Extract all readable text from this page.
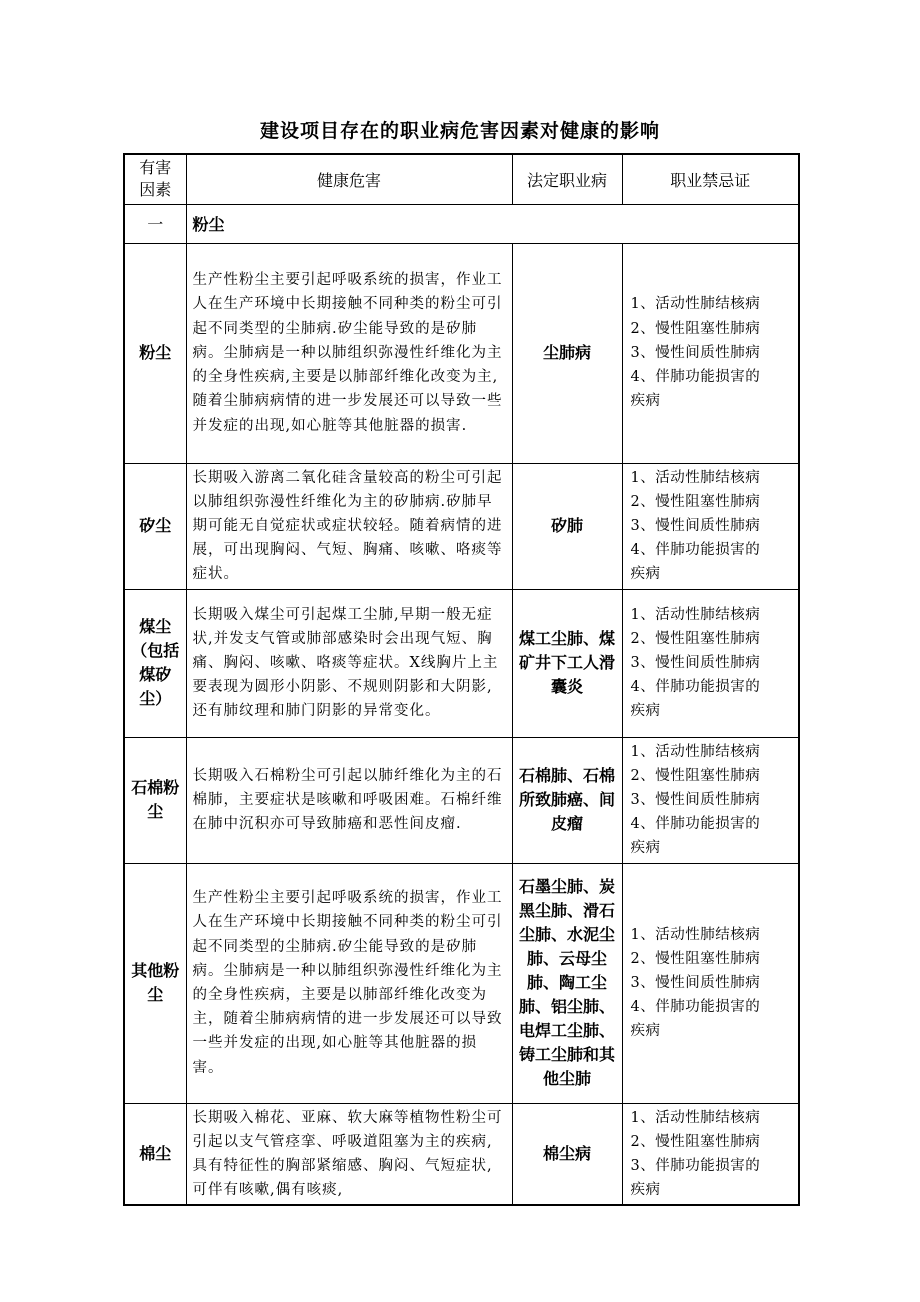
建设项目存在的职业病危害因素对健康的影响
有害因素	健康危害	法定职业病	职业禁忌证
一	粉尘		
粉尘	生产性粉尘主要引起呼吸系统的损害，作业工人在生产环境中长期接触不同种类的粉尘可引起不同类型的尘肺病.矽尘能导致的是矽肺病。尘肺病是一种以肺组织弥漫性纤维化为主的全身性疾病,主要是以肺部纤维化改变为主,随着尘肺病病情的进一步发展还可以导致一些并发症的出现,如心脏等其他脏器的损害.	尘肺病	1、活动性肺结核病
2、慢性阻塞性肺病
3、慢性间质性肺病
4、伴肺功能损害的
疾病

矽尘	长期吸入游离二氧化硅含量较高的粉尘可引起以肺组织弥漫性纤维化为主的矽肺病.矽肺早期可能无自觉症状或症状较轻。随着病情的进展，可出现胸闷、气短、胸痛、咳嗽、咯痰等症状。	矽肺	1、活动性肺结核病
2、慢性阻塞性肺病
3、慢性间质性肺病
4、伴肺功能损害的
疾病

煤尘（包括煤矽尘）	长期吸入煤尘可引起煤工尘肺,早期一般无症状,并发支气管或肺部感染时会出现气短、胸痛、胸闷、咳嗽、咯痰等症状。X线胸片上主要表现为圆形小阴影、不规则阴影和大阴影,还有肺纹理和肺门阴影的异常变化。	煤工尘肺、煤矿井下工人滑囊炎	1、活动性肺结核病
2、慢性阻塞性肺病
3、慢性间质性肺病
4、伴肺功能损害的
疾病

石棉粉尘	长期吸入石棉粉尘可引起以肺纤维化为主的石棉肺，主要症状是咳嗽和呼吸困难。石棉纤维在肺中沉积亦可导致肺癌和恶性间皮瘤.	石棉肺、石棉所致肺癌、间皮瘤	1、活动性肺结核病
2、慢性阻塞性肺病
3、慢性间质性肺病
4、伴肺功能损害的
疾病

其他粉尘	生产性粉尘主要引起呼吸系统的损害，作业工人在生产环境中长期接触不同种类的粉尘可引起不同类型的尘肺病.矽尘能导致的是矽肺病。尘肺病是一种以肺组织弥漫性纤维化为主的全身性疾病，主要是以肺部纤维化改变为主，随着尘肺病病情的进一步发展还可以导致一些并发症的出现,如心脏等其他脏器的损害。	石墨尘肺、炭黑尘肺、滑石尘肺、水泥尘肺、云母尘肺、陶工尘肺、铝尘肺、电焊工尘肺、铸工尘肺和其他尘肺	1、活动性肺结核病
2、慢性阻塞性肺病
3、慢性间质性肺病
4、伴肺功能损害的
疾病

棉尘	长期吸入棉花、亚麻、软大麻等植物性粉尘可引起以支气管痉挛、呼吸道阻塞为主的疾病,具有特征性的胸部紧缩感、胸闷、气短症状,可伴有咳嗽,偶有咳痰,	棉尘病	1、活动性肺结核病
2、慢性阻塞性肺病
3、伴肺功能损害的
疾病
